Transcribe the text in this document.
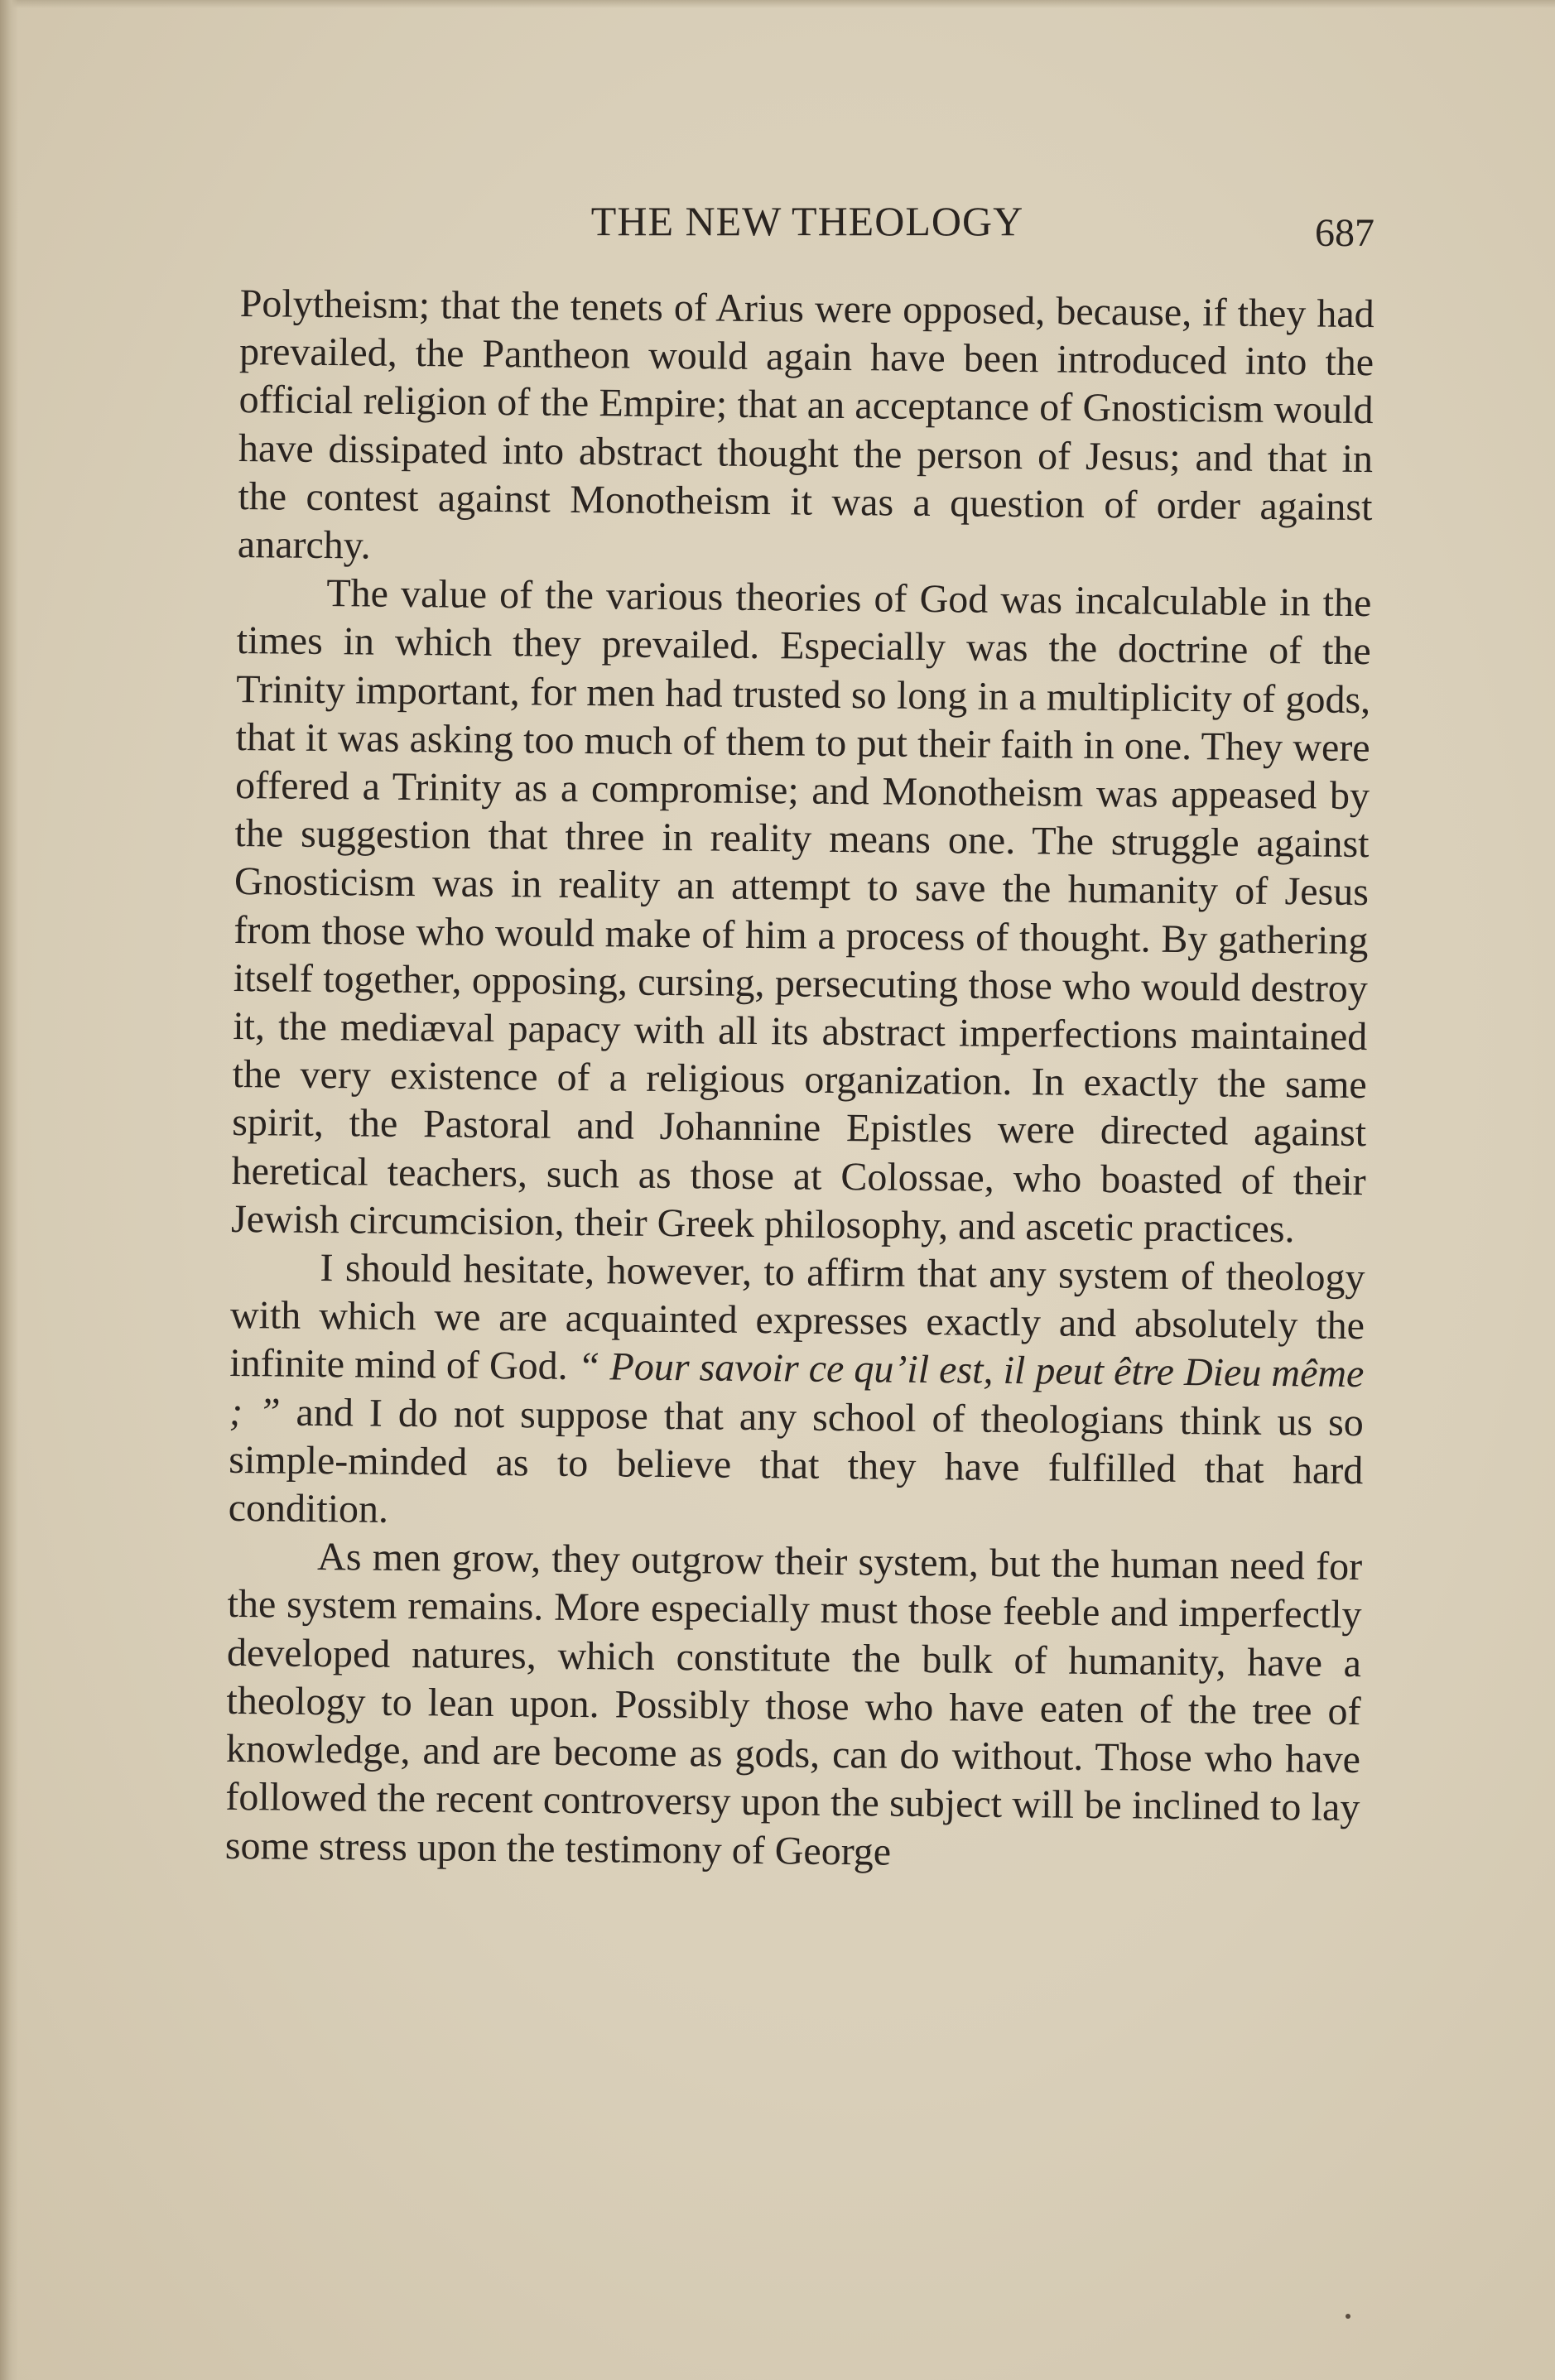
THE NEW THEOLOGY	687

Polytheism; that the tenets of Arius were opposed, because, if they had prevailed, the Pantheon would again have been introduced into the official religion of the Empire; that an acceptance of Gnosticism would have dissipated into abstract thought the person of Jesus; and that in the contest against Monotheism it was a question of order against anarchy.

The value of the various theories of God was incalculable in the times in which they prevailed. Especially was the doctrine of the Trinity important, for men had trusted so long in a multiplicity of gods, that it was asking too much of them to put their faith in one. They were offered a Trinity as a compromise; and Monotheism was appeased by the suggestion that three in reality means one. The struggle against Gnosticism was in reality an attempt to save the humanity of Jesus from those who would make of him a process of thought. By gathering itself together, opposing, cursing, persecuting those who would destroy it, the mediæval papacy with all its abstract imperfections maintained the very existence of a religious organization. In exactly the same spirit, the Pastoral and Johannine Epistles were directed against heretical teachers, such as those at Colossae, who boasted of their Jewish circumcision, their Greek philosophy, and ascetic practices.

I should hesitate, however, to affirm that any system of theology with which we are acquainted expresses exactly and absolutely the infinite mind of God. “ Pour savoir ce qu’il est, il peut être Dieu même ; ” and I do not suppose that any school of theologians think us so simple-minded as to believe that they have fulfilled that hard condition.

As men grow, they outgrow their system, but the human need for the system remains. More especially must those feeble and imperfectly developed natures, which constitute the bulk of humanity, have a theology to lean upon. Possibly those who have eaten of the tree of knowledge, and are become as gods, can do without. Those who have followed the recent controversy upon the subject will be inclined to lay some stress upon the testimony of George
